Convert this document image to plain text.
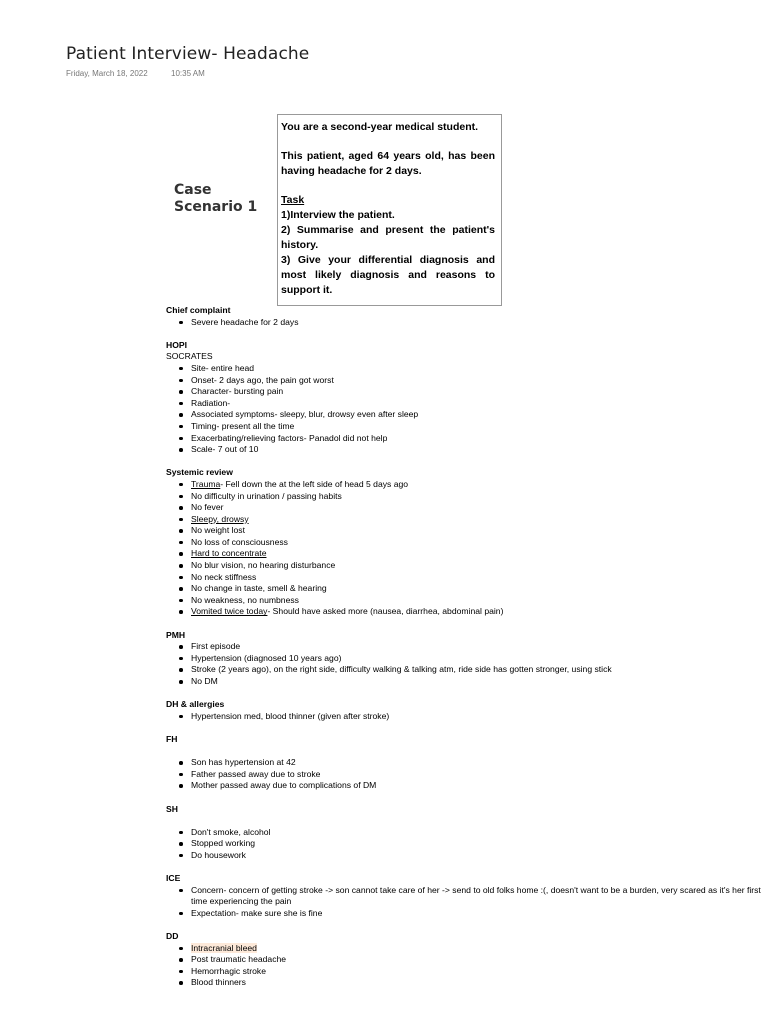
Patient Interview- Headache
Friday, March 18, 2022	10:35 AM
Case
Scenario 1

You are a second-year medical student.

This patient, aged 64 years old, has been having headache for 2 days.

Task

1)Interview the patient.

2) Summarise and present the patient's history.

3) Give your differential diagnosis and most likely diagnosis and reasons to support it.

Chief complaint
Severe headache for 2 days
HOPI

SOCRATES

Site- entire head
Onset- 2 days ago, the pain got worst
Character- bursting pain
Radiation-
Associated symptoms- sleepy, blur, drowsy even after sleep
Timing- present all the time
Exacerbating/relieving factors- Panadol did not help
Scale- 7 out of 10
Systemic review
Trauma- Fell down the at the left side of head 5 days ago
No difficulty in urination / passing habits
No fever
Sleepy, drowsy
No weight lost
No loss of consciousness
Hard to concentrate
No blur vision, no hearing disturbance
No neck stiffness
No change in taste, smell & hearing
No weakness, no numbness
Vomited twice today- Should have asked more (nausea, diarrhea, abdominal pain)
PMH
First episode
Hypertension (diagnosed 10 years ago)
Stroke (2 years ago), on the right side, difficulty walking & talking atm, ride side has gotten stronger, using stick
No DM
DH & allergies
Hypertension med, blood thinner (given after stroke)
FH
Son has hypertension at 42
Father passed away due to stroke
Mother passed away due to complications of DM
SH
Don't smoke, alcohol
Stopped working
Do housework
ICE
Concern- concern of getting stroke -> son cannot take care of her -> send to old folks home :(, doesn't want to be a burden, very scared as it's her first time experiencing the pain
Expectation- make sure she is fine
DD
Intracranial bleed
Post traumatic headache
Hemorrhagic stroke
Blood thinners
